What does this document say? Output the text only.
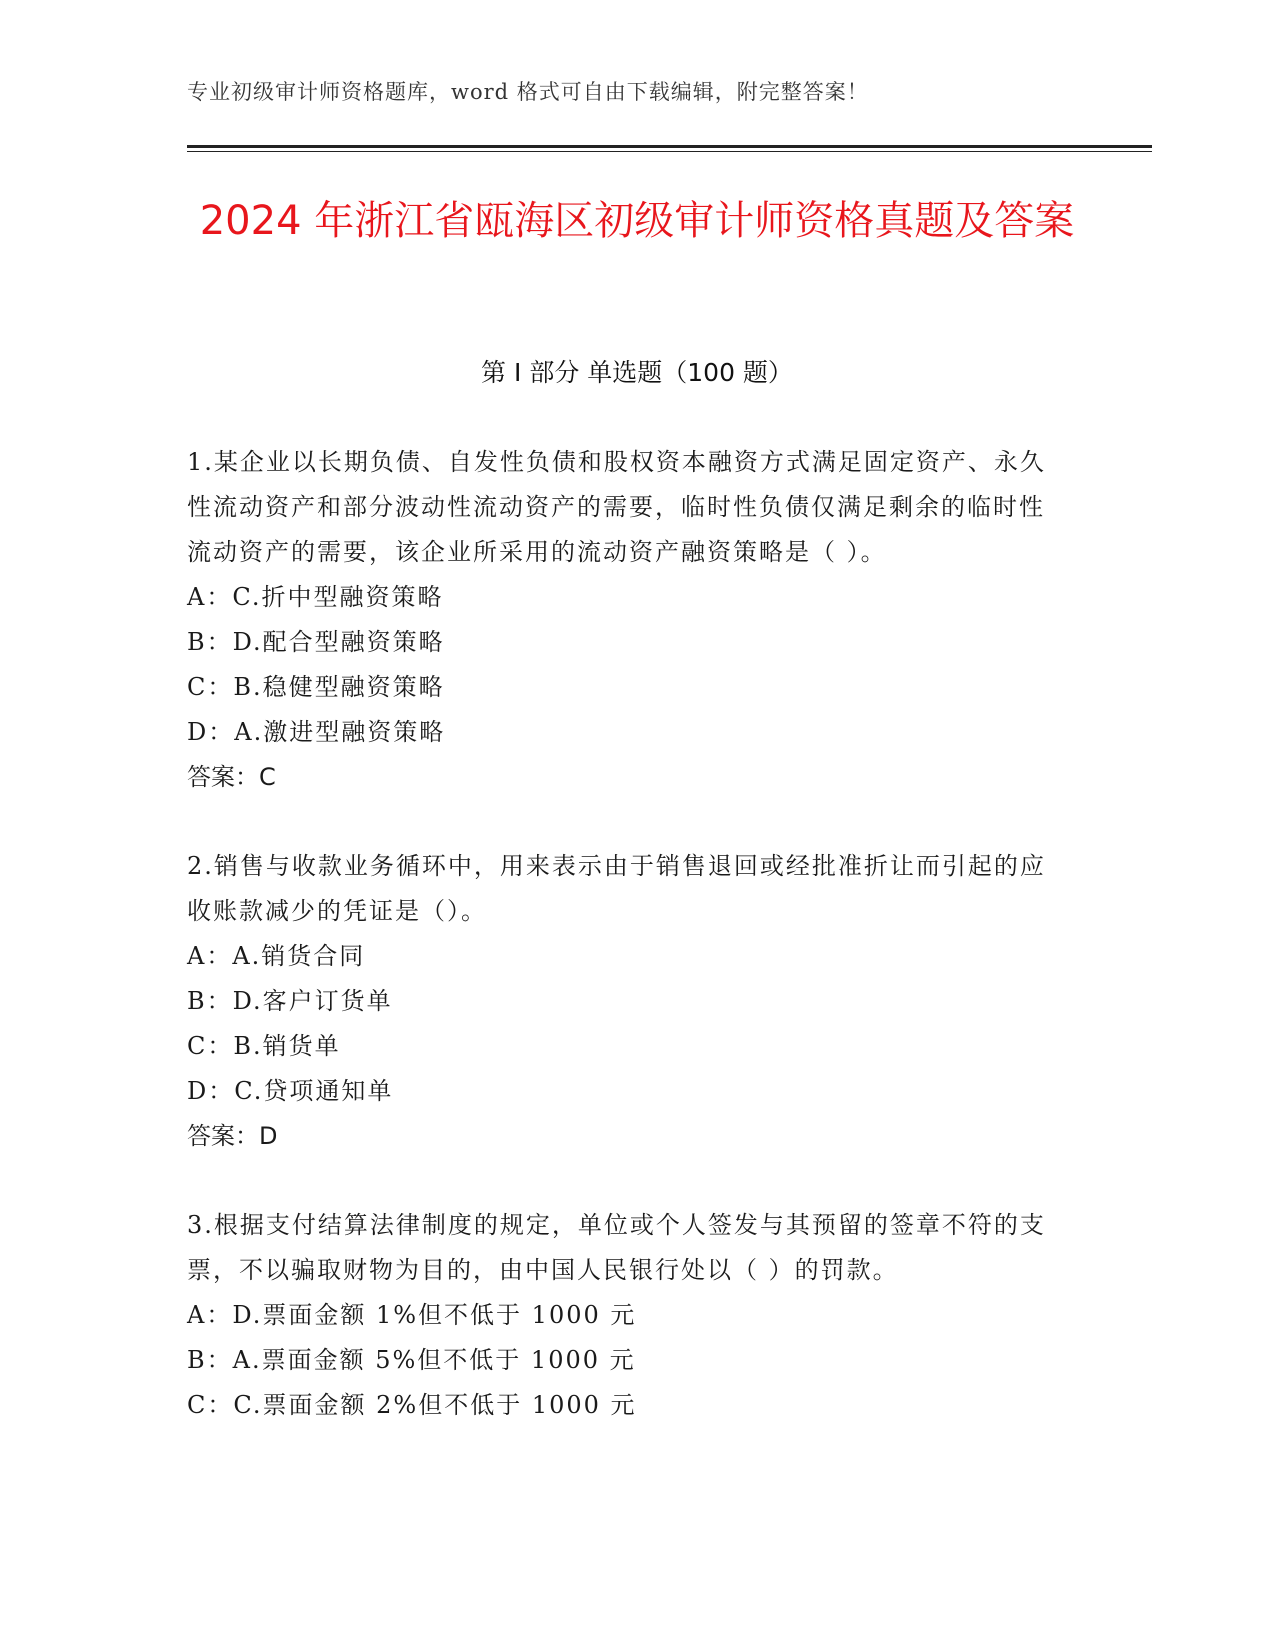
专业初级审计师资格题库，word 格式可自由下载编辑，附完整答案！
2024 年浙江省瓯海区初级审计师资格真题及答案
第 I 部分 单选题（100 题）

1.某企业以长期负债、自发性负债和股权资本融资方式满足固定资产、永久性流动资产和部分波动性流动资产的需要，临时性负债仅满足剩余的临时性流动资产的需要，该企业所采用的流动资产融资策略是（ ）。

A：C.折中型融资策略

B：D.配合型融资策略

C：B.稳健型融资策略

D：A.激进型融资策略

答案：C

2.销售与收款业务循环中，用来表示由于销售退回或经批准折让而引起的应收账款减少的凭证是（）。

A：A.销货合同

B：D.客户订货单

C：B.销货单

D：C.贷项通知单

答案：D

3.根据支付结算法律制度的规定，单位或个人签发与其预留的签章不符的支票，不以骗取财物为目的，由中国人民银行处以（ ）的罚款。

A：D.票面金额 1%但不低于 1000 元

B：A.票面金额 5%但不低于 1000 元

C：C.票面金额 2%但不低于 1000 元
